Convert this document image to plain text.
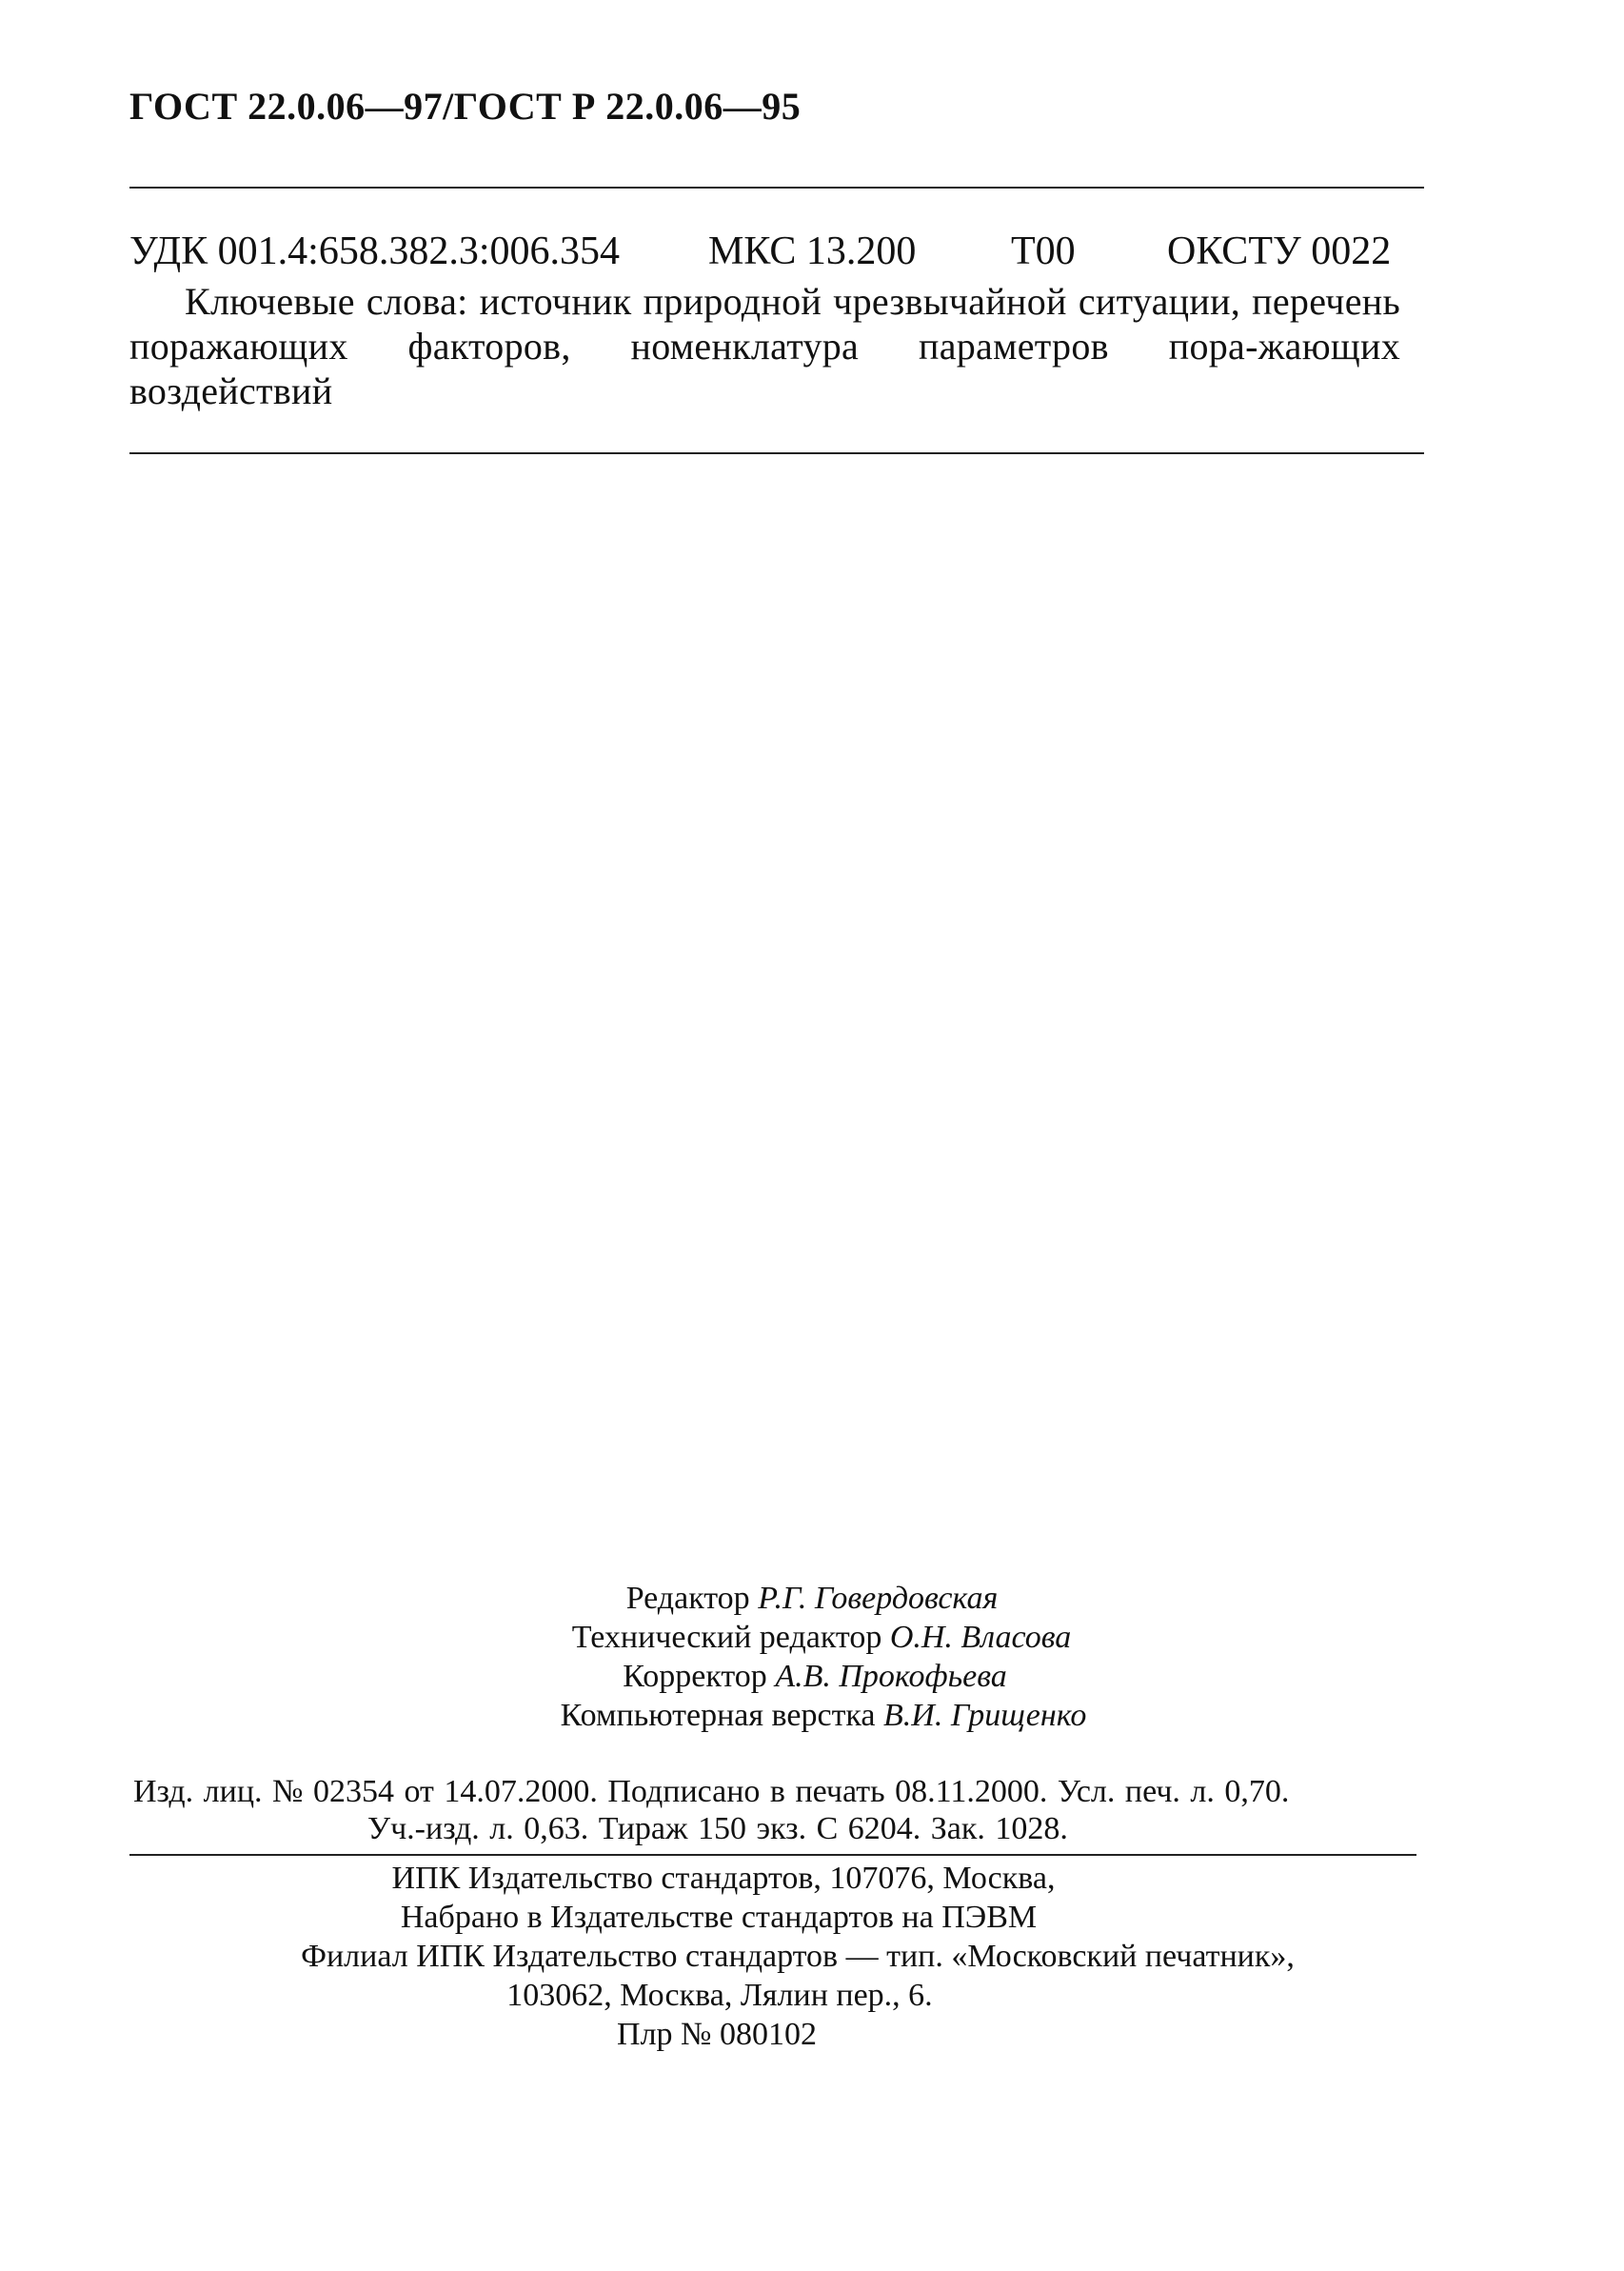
ГОСТ 22.0.06—97/ГОСТ Р 22.0.06—95
УДК 001.4:658.382.3:006.354 МКС 13.200 Т00 ОКСТУ 0022
Ключевые слова: источник природной чрезвычайной ситуации, перечень поражающих факторов, номенклатура параметров пора-жающих воздействий
Редактор Р.Г. Говердовская
Технический редактор О.Н. Власова
Корректор А.В. Прокофьева
Компьютерная верстка В.И. Грищенко
Изд. лиц. № 02354 от 14.07.2000. Подписано в печать 08.11.2000. Усл. печ. л. 0,70.
Уч.-изд. л. 0,63. Тираж 150 экз. С 6204. Зак. 1028.
ИПК Издательство стандартов, 107076, Москва,
Набрано в Издательстве стандартов на ПЭВМ
Филиал ИПК Издательство стандартов — тип. «Московский печатник»,
103062, Москва, Лялин пер., 6.
Плр № 080102
